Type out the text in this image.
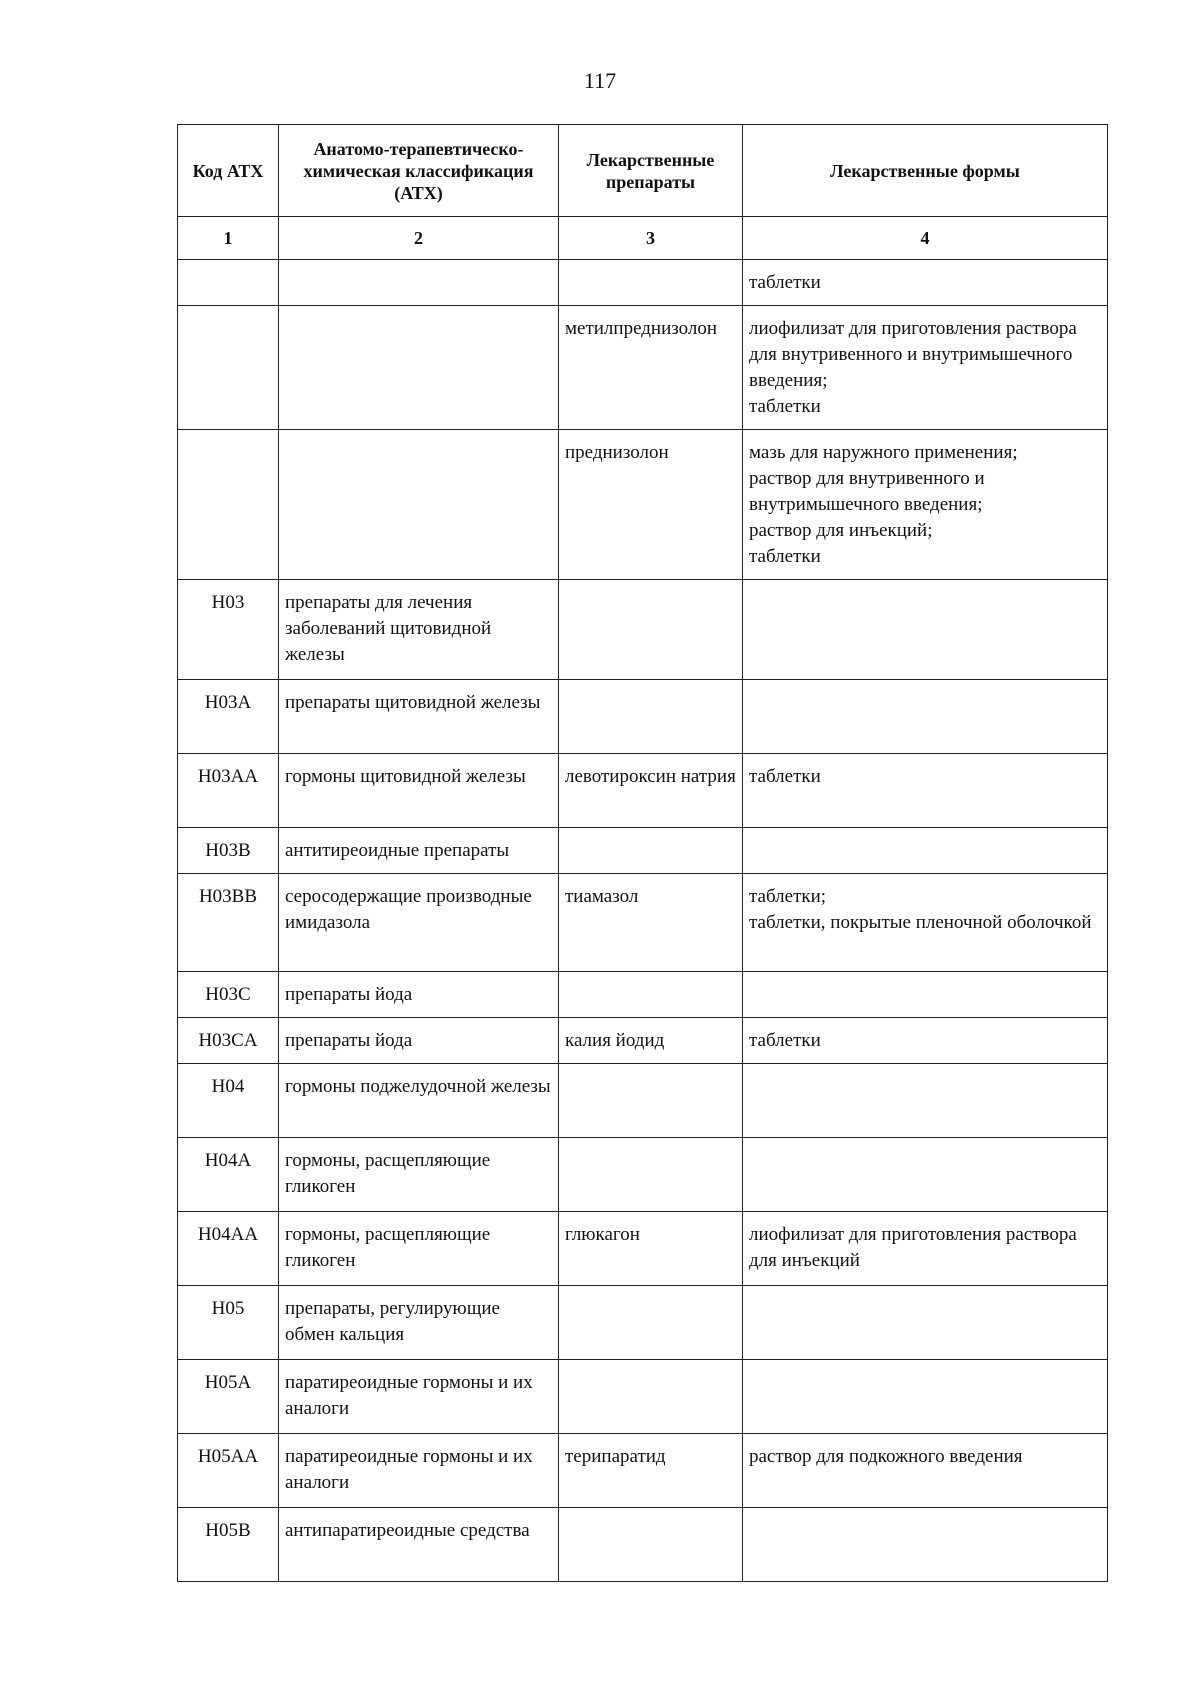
117
Код АТХ	Анатомо-терапевтическо-химическая классификация (АТХ)	Лекарственные препараты	Лекарственные формы
1	2	3	4

			таблетки

		метилпреднизолон	лиофилизат для приготовления раствора для внутривенного и внутримышечного введения;
таблетки

		преднизолон	мазь для наружного применения;
раствор для внутривенного и внутримышечного введения;
раствор для инъекций;
таблетки

H03	препараты для лечения заболеваний щитовидной железы		
H03A	препараты щитовидной железы		
H03AA	гормоны щитовидной железы	левотироксин натрия	таблетки

H03B	антитиреоидные препараты		
H03BB	серосодержащие производные имидазола	тиамазол	таблетки;
таблетки, покрытые пленочной оболочкой

H03C	препараты йода		
H03CA	препараты йода	калия йодид	таблетки

H04	гормоны поджелудочной железы		
H04A	гормоны, расщепляющие гликоген		
H04AA	гормоны, расщепляющие гликоген	глюкагон	лиофилизат для приготовления раствора для инъекций

H05	препараты, регулирующие обмен кальция		
H05A	паратиреоидные гормоны и их аналоги		
H05AA	паратиреоидные гормоны и их аналоги	терипаратид	раствор для подкожного введения

H05B	антипаратиреоидные средства		
